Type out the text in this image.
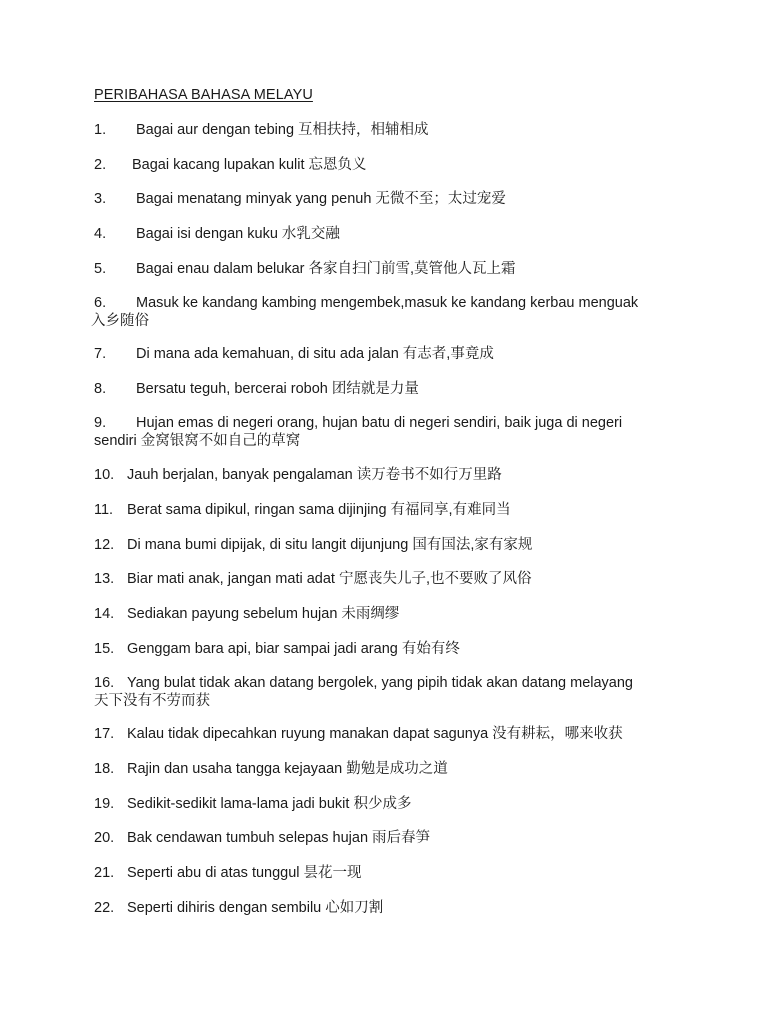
PERIBAHASA BAHASA MELAYU
1. Bagai aur dengan tebing 互相扶持，相辅相成
2. Bagai kacang lupakan kulit 忘恩负义
3. Bagai menatang minyak yang penuh 无微不至；太过宠爱
4. Bagai isi dengan kuku 水乳交融
5. Bagai enau dalam belukar 各家自扫门前雪,莫管他人瓦上霜
6. Masuk ke kandang kambing mengembek,masuk ke kandang kerbau menguak
入乡随俗
7. Di mana ada kemahuan, di situ ada jalan 有志者,事竟成
8. Bersatu teguh, bercerai roboh 团结就是力量
9. Hujan emas di negeri orang, hujan batu di negeri sendiri, baik juga di negeri
sendiri 金窝银窝不如自己的草窝
10. Jauh berjalan, banyak pengalaman 读万卷书不如行万里路
11. Berat sama dipikul, ringan sama dijinjing 有福同享,有难同当
12. Di mana bumi dipijak, di situ langit dijunjung 国有国法,家有家规
13. Biar mati anak, jangan mati adat 宁愿丧失儿子,也不要败了风俗
14. Sediakan payung sebelum hujan 未雨绸缪
15. Genggam bara api, biar sampai jadi arang 有始有终
16. Yang bulat tidak akan datang bergolek, yang pipih tidak akan datang melayang
天下没有不劳而获
17. Kalau tidak dipecahkan ruyung manakan dapat sagunya 没有耕耘，哪来收获
18. Rajin dan usaha tangga kejayaan 勤勉是成功之道
19. Sedikit-sedikit lama-lama jadi bukit 积少成多
20. Bak cendawan tumbuh selepas hujan 雨后春笋
21. Seperti abu di atas tunggul 昙花一现
22. Seperti dihiris dengan sembilu 心如刀割
